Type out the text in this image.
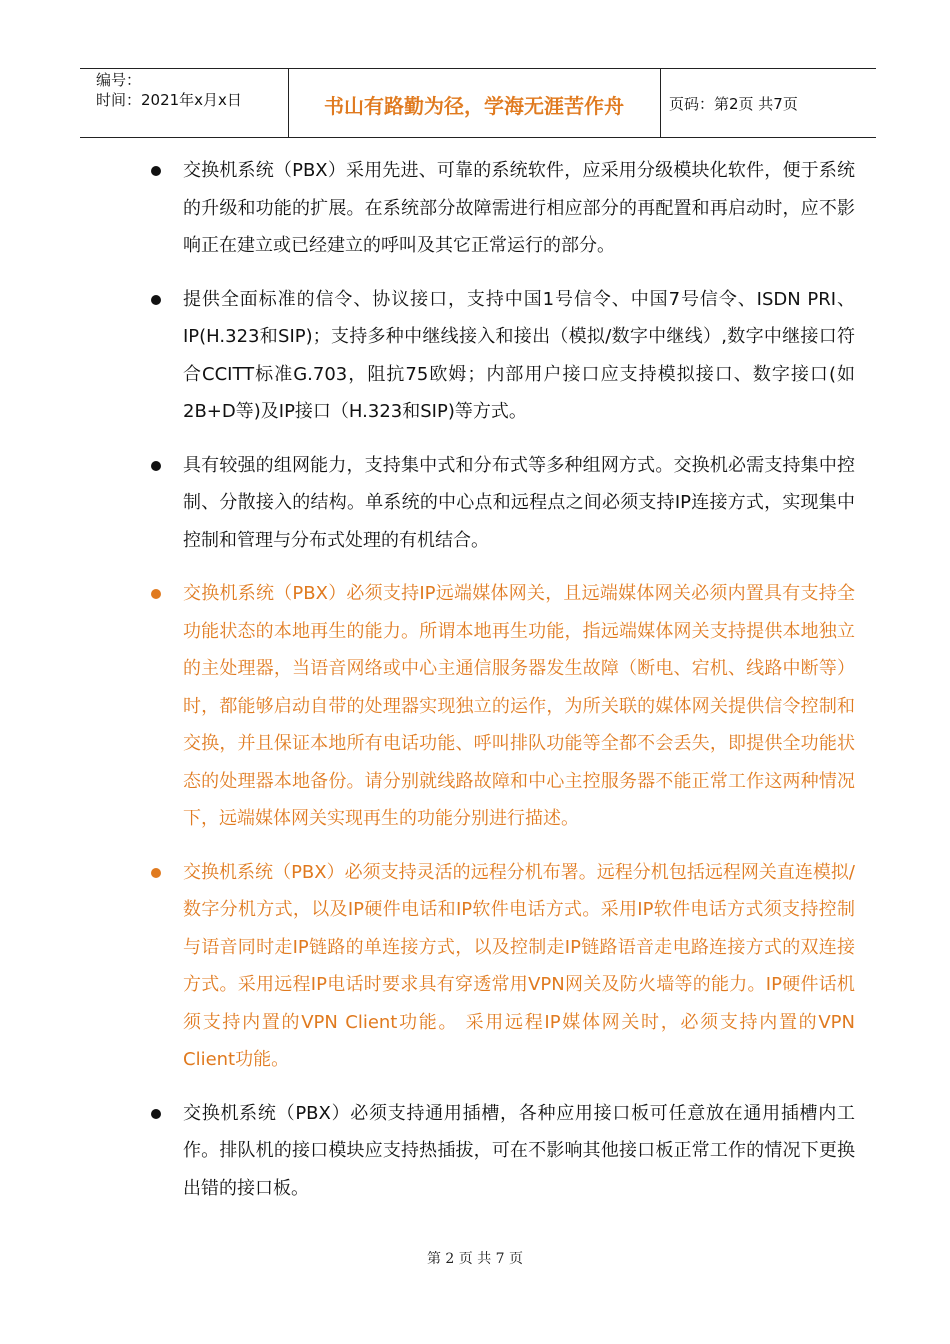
编号：
时间：2021年x月x日	书山有路勤为径，学海无涯苦作舟	页码：第2页 共7页
交换机系统（PBX）采用先进、可靠的系统软件，应采用分级模块化软件，便于系统的升级和功能的扩展。在系统部分故障需进行相应部分的再配置和再启动时，应不影响正在建立或已经建立的呼叫及其它正常运行的部分。
提供全面标准的信令、协议接口，支持中国1号信令、中国7号信令、ISDN PRI、IP(H.323和SIP)；支持多种中继线接入和接出（模拟/数字中继线）,数字中继接口符合CCITT标准G.703，阻抗75欧姆；内部用户接口应支持模拟接口、数字接口(如2B+D等)及IP接口（H.323和SIP)等方式。
具有较强的组网能力，支持集中式和分布式等多种组网方式。交换机必需支持集中控制、分散接入的结构。单系统的中心点和远程点之间必须支持IP连接方式，实现集中控制和管理与分布式处理的有机结合。
交换机系统（PBX）必须支持IP远端媒体网关，且远端媒体网关必须内置具有支持全功能状态的本地再生的能力。所谓本地再生功能，指远端媒体网关支持提供本地独立的主处理器，当语音网络或中心主通信服务器发生故障（断电、宕机、线路中断等）时，都能够启动自带的处理器实现独立的运作，为所关联的媒体网关提供信令控制和交换，并且保证本地所有电话功能、呼叫排队功能等全都不会丢失，即提供全功能状态的处理器本地备份。请分别就线路故障和中心主控服务器不能正常工作这两种情况下，远端媒体网关实现再生的功能分别进行描述。
交换机系统（PBX）必须支持灵活的远程分机布署。远程分机包括远程网关直连模拟/数字分机方式，以及IP硬件电话和IP软件电话方式。采用IP软件电话方式须支持控制与语音同时走IP链路的单连接方式，以及控制走IP链路语音走电路连接方式的双连接方式。采用远程IP电话时要求具有穿透常用VPN网关及防火墙等的能力。IP硬件话机须支持内置的VPN Client功能。 采用远程IP媒体网关时，必须支持内置的VPN Client功能。
交换机系统（PBX）必须支持通用插槽，各种应用接口板可任意放在通用插槽内工作。排队机的接口模块应支持热插拔，可在不影响其他接口板正常工作的情况下更换出错的接口板。
第 2 页 共 7 页
